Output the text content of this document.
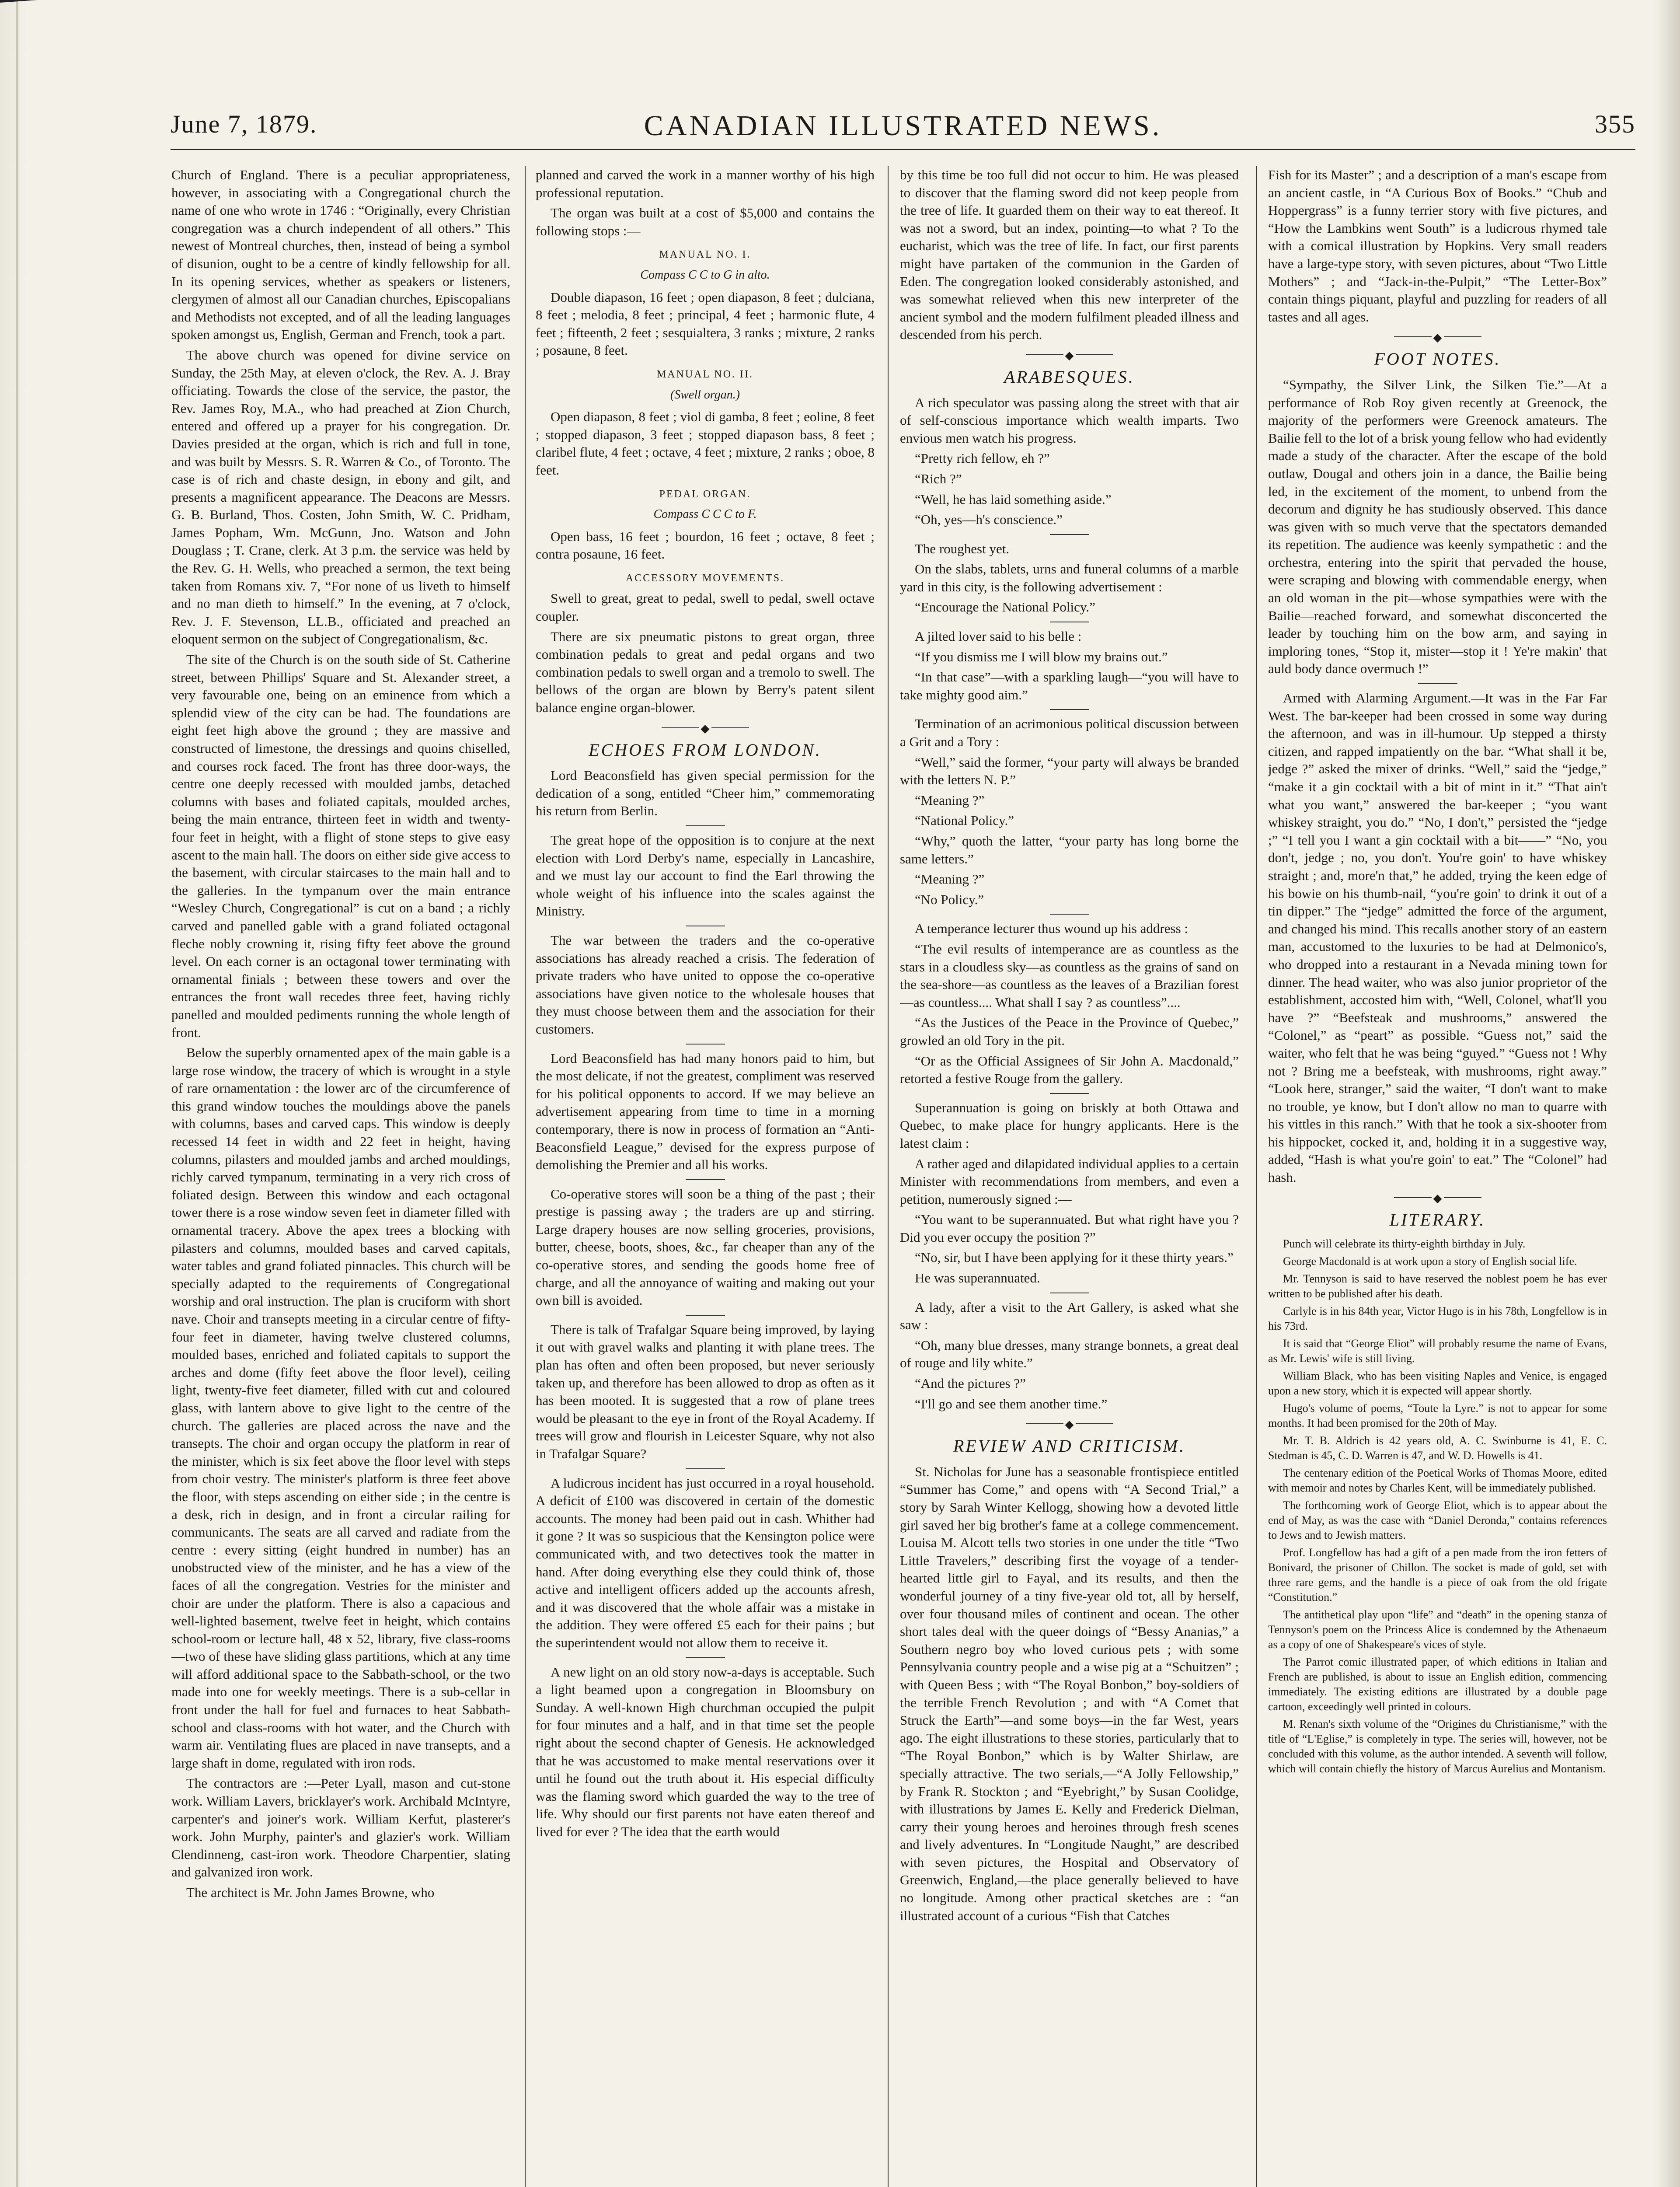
June 7, 1879.	CANADIAN ILLUSTRATED NEWS.	355

Church of England. There is a peculiar appropriateness, however, in associating with a Congregational church the name of one who wrote in 1746 : “Originally, every Christian congregation was a church independent of all others.” This newest of Montreal churches, then, instead of being a symbol of disunion, ought to be a centre of kindly fellowship for all. In its opening services, whether as speakers or listeners, clergymen of almost all our Canadian churches, Episcopalians and Methodists not excepted, and of all the leading languages spoken amongst us, English, German and French, took a part.

The above church was opened for divine service on Sunday, the 25th May, at eleven o'clock, the Rev. A. J. Bray officiating. Towards the close of the service, the pastor, the Rev. James Roy, M.A., who had preached at Zion Church, entered and offered up a prayer for his congregation. Dr. Davies presided at the organ, which is rich and full in tone, and was built by Messrs. S. R. Warren & Co., of Toronto. The case is of rich and chaste design, in ebony and gilt, and presents a magnificent appearance. The Deacons are Messrs. G. B. Burland, Thos. Costen, John Smith, W. C. Pridham, James Popham, Wm. McGunn, Jno. Watson and John Douglass ; T. Crane, clerk. At 3 p.m. the service was held by the Rev. G. H. Wells, who preached a sermon, the text being taken from Romans xiv. 7, “For none of us liveth to himself and no man dieth to himself.” In the evening, at 7 o'clock, Rev. J. F. Stevenson, LL.B., officiated and preached an eloquent sermon on the subject of Congregationalism, &c.

The site of the Church is on the south side of St. Catherine street, between Phillips' Square and St. Alexander street, a very favourable one, being on an eminence from which a splendid view of the city can be had. The foundations are eight feet high above the ground ; they are massive and constructed of limestone, the dressings and quoins chiselled, and courses rock faced. The front has three door-ways, the centre one deeply recessed with moulded jambs, detached columns with bases and foliated capitals, moulded arches, being the main entrance, thirteen feet in width and twenty-four feet in height, with a flight of stone steps to give easy ascent to the main hall. The doors on either side give access to the basement, with circular staircases to the main hall and to the galleries. In the tympanum over the main entrance “Wesley Church, Congregational” is cut on a band ; a richly carved and panelled gable with a grand foliated octagonal fleche nobly crowning it, rising fifty feet above the ground level. On each corner is an octagonal tower terminating with ornamental finials ; between these towers and over the entrances the front wall recedes three feet, having richly panelled and moulded pediments running the whole length of front.

Below the superbly ornamented apex of the main gable is a large rose window, the tracery of which is wrought in a style of rare ornamentation : the lower arc of the circumference of this grand window touches the mouldings above the panels with columns, bases and carved caps. This window is deeply recessed 14 feet in width and 22 feet in height, having columns, pilasters and moulded jambs and arched mouldings, richly carved tympanum, terminating in a very rich cross of foliated design. Between this window and each octagonal tower there is a rose window seven feet in diameter filled with ornamental tracery. Above the apex trees a blocking with pilasters and columns, moulded bases and carved capitals, water tables and grand foliated pinnacles. This church will be specially adapted to the requirements of Congregational worship and oral instruction. The plan is cruciform with short nave. Choir and transepts meeting in a circular centre of fifty-four feet in diameter, having twelve clustered columns, moulded bases, enriched and foliated capitals to support the arches and dome (fifty feet above the floor level), ceiling light, twenty-five feet diameter, filled with cut and coloured glass, with lantern above to give light to the centre of the church. The galleries are placed across the nave and the transepts. The choir and organ occupy the platform in rear of the minister, which is six feet above the floor level with steps from choir vestry. The minister's platform is three feet above the floor, with steps ascending on either side ; in the centre is a desk, rich in design, and in front a circular railing for communicants. The seats are all carved and radiate from the centre : every sitting (eight hundred in number) has an unobstructed view of the minister, and he has a view of the faces of all the congregation. Vestries for the minister and choir are under the platform. There is also a capacious and well-lighted basement, twelve feet in height, which contains school-room or lecture hall, 48 x 52, library, five class-rooms—two of these have sliding glass partitions, which at any time will afford additional space to the Sabbath-school, or the two made into one for weekly meetings. There is a sub-cellar in front under the hall for fuel and furnaces to heat Sabbath-school and class-rooms with hot water, and the Church with warm air. Ventilating flues are placed in nave transepts, and a large shaft in dome, regulated with iron rods.

The contractors are :—Peter Lyall, mason and cut-stone work. William Lavers, bricklayer's work. Archibald McIntyre, carpenter's and joiner's work. William Kerfut, plasterer's work. John Murphy, painter's and glazier's work. William Clendinneng, cast-iron work. Theodore Charpentier, slating and galvanized iron work.

The architect is Mr. John James Browne, who

planned and carved the work in a manner worthy of his high professional reputation.

The organ was built at a cost of $5,000 and contains the following stops :—

MANUAL NO. I.
Compass C C to G in alto.

Double diapason, 16 feet ; open diapason, 8 feet ; dulciana, 8 feet ; melodia, 8 feet ; principal, 4 feet ; harmonic flute, 4 feet ; fifteenth, 2 feet ; sesquialtera, 3 ranks ; mixture, 2 ranks ; posaune, 8 feet.

MANUAL NO. II.
(Swell organ.)

Open diapason, 8 feet ; viol di gamba, 8 feet ; eoline, 8 feet ; stopped diapason, 3 feet ; stopped diapason bass, 8 feet ; claribel flute, 4 feet ; octave, 4 feet ; mixture, 2 ranks ; oboe, 8 feet.

PEDAL ORGAN.
Compass C C C to F.

Open bass, 16 feet ; bourdon, 16 feet ; octave, 8 feet ; contra posaune, 16 feet.

ACCESSORY MOVEMENTS.

Swell to great, great to pedal, swell to pedal, swell octave coupler.

There are six pneumatic pistons to great organ, three combination pedals to great and pedal organs and two combination pedals to swell organ and a tremolo to swell. The bellows of the organ are blown by Berry's patent silent balance engine organ-blower.

◆
ECHOES FROM LONDON.

Lord Beaconsfield has given special permission for the dedication of a song, entitled “Cheer him,” commemorating his return from Berlin.

The great hope of the opposition is to conjure at the next election with Lord Derby's name, especially in Lancashire, and we must lay our account to find the Earl throwing the whole weight of his influence into the scales against the Ministry.

The war between the traders and the co-operative associations has already reached a crisis. The federation of private traders who have united to oppose the co-operative associations have given notice to the wholesale houses that they must choose between them and the association for their customers.

Lord Beaconsfield has had many honors paid to him, but the most delicate, if not the greatest, compliment was reserved for his political opponents to accord. If we may believe an advertisement appearing from time to time in a morning contemporary, there is now in process of formation an “Anti-Beaconsfield League,” devised for the express purpose of demolishing the Premier and all his works.

Co-operative stores will soon be a thing of the past ; their prestige is passing away ; the traders are up and stirring. Large drapery houses are now selling groceries, provisions, butter, cheese, boots, shoes, &c., far cheaper than any of the co-operative stores, and sending the goods home free of charge, and all the annoyance of waiting and making out your own bill is avoided.

There is talk of Trafalgar Square being improved, by laying it out with gravel walks and planting it with plane trees. The plan has often and often been proposed, but never seriously taken up, and therefore has been allowed to drop as often as it has been mooted. It is suggested that a row of plane trees would be pleasant to the eye in front of the Royal Academy. If trees will grow and flourish in Leicester Square, why not also in Trafalgar Square?

A ludicrous incident has just occurred in a royal household. A deficit of £100 was discovered in certain of the domestic accounts. The money had been paid out in cash. Whither had it gone ? It was so suspicious that the Kensington police were communicated with, and two detectives took the matter in hand. After doing everything else they could think of, those active and intelligent officers added up the accounts afresh, and it was discovered that the whole affair was a mistake in the addition. They were offered £5 each for their pains ; but the superintendent would not allow them to receive it.

A new light on an old story now-a-days is acceptable. Such a light beamed upon a congregation in Bloomsbury on Sunday. A well-known High churchman occupied the pulpit for four minutes and a half, and in that time set the people right about the second chapter of Genesis. He acknowledged that he was accustomed to make mental reservations over it until he found out the truth about it. His especial difficulty was the flaming sword which guarded the way to the tree of life. Why should our first parents not have eaten thereof and lived for ever ? The idea that the earth would

by this time be too full did not occur to him. He was pleased to discover that the flaming sword did not keep people from the tree of life. It guarded them on their way to eat thereof. It was not a sword, but an index, pointing—to what ? To the eucharist, which was the tree of life. In fact, our first parents might have partaken of the communion in the Garden of Eden. The congregation looked considerably astonished, and was somewhat relieved when this new interpreter of the ancient symbol and the modern fulfilment pleaded illness and descended from his perch.

◆
ARABESQUES.

A rich speculator was passing along the street with that air of self-conscious importance which wealth imparts. Two envious men watch his progress.

“Pretty rich fellow, eh ?”

“Rich ?”

“Well, he has laid something aside.”

“Oh, yes—h's conscience.”

The roughest yet.

On the slabs, tablets, urns and funeral columns of a marble yard in this city, is the following advertisement :

“Encourage the National Policy.”

A jilted lover said to his belle :

“If you dismiss me I will blow my brains out.”

“In that case”—with a sparkling laugh—“you will have to take mighty good aim.”

Termination of an acrimonious political discussion between a Grit and a Tory :

“Well,” said the former, “your party will always be branded with the letters N. P.”

“Meaning ?”

“National Policy.”

“Why,” quoth the latter, “your party has long borne the same letters.”

“Meaning ?”

“No Policy.”

A temperance lecturer thus wound up his address :

“The evil results of intemperance are as countless as the stars in a cloudless sky—as countless as the grains of sand on the sea-shore—as countless as the leaves of a Brazilian forest—as countless.... What shall I say ? as countless”....

“As the Justices of the Peace in the Province of Quebec,” growled an old Tory in the pit.

“Or as the Official Assignees of Sir John A. Macdonald,” retorted a festive Rouge from the gallery.

Superannuation is going on briskly at both Ottawa and Quebec, to make place for hungry applicants. Here is the latest claim :

A rather aged and dilapidated individual applies to a certain Minister with recommendations from members, and even a petition, numerously signed :—

“You want to be superannuated. But what right have you ? Did you ever occupy the position ?”

“No, sir, but I have been applying for it these thirty years.”

He was superannuated.

A lady, after a visit to the Art Gallery, is asked what she saw :

“Oh, many blue dresses, many strange bonnets, a great deal of rouge and lily white.”

“And the pictures ?”

“I'll go and see them another time.”

◆
REVIEW AND CRITICISM.

St. Nicholas for June has a seasonable frontispiece entitled “Summer has Come,” and opens with “A Second Trial,” a story by Sarah Winter Kellogg, showing how a devoted little girl saved her big brother's fame at a college commencement. Louisa M. Alcott tells two stories in one under the title “Two Little Travelers,” describing first the voyage of a tender-hearted little girl to Fayal, and its results, and then the wonderful journey of a tiny five-year old tot, all by herself, over four thousand miles of continent and ocean. The other short tales deal with the queer doings of “Bessy Ananias,” a Southern negro boy who loved curious pets ; with some Pennsylvania country people and a wise pig at a “Schuitzen” ; with Queen Bess ; with “The Royal Bonbon,” boy-soldiers of the terrible French Revolution ; and with “A Comet that Struck the Earth”—and some boys—in the far West, years ago. The eight illustrations to these stories, particularly that to “The Royal Bonbon,” which is by Walter Shirlaw, are specially attractive. The two serials,—“A Jolly Fellowship,” by Frank R. Stockton ; and “Eyebright,” by Susan Coolidge, with illustrations by James E. Kelly and Frederick Dielman, carry their young heroes and heroines through fresh scenes and lively adventures. In “Longitude Naught,” are described with seven pictures, the Hospital and Observatory of Greenwich, England,—the place generally believed to have no longitude. Among other practical sketches are : “an illustrated account of a curious “Fish that Catches

Fish for its Master” ; and a description of a man's escape from an ancient castle, in “A Curious Box of Books.” “Chub and Hoppergrass” is a funny terrier story with five pictures, and “How the Lambkins went South” is a ludicrous rhymed tale with a comical illustration by Hopkins. Very small readers have a large-type story, with seven pictures, about “Two Little Mothers” ; and “Jack-in-the-Pulpit,” “The Letter-Box” contain things piquant, playful and puzzling for readers of all tastes and all ages.

◆
FOOT NOTES.

“Sympathy, the Silver Link, the Silken Tie.”—At a performance of Rob Roy given recently at Greenock, the majority of the performers were Greenock amateurs. The Bailie fell to the lot of a brisk young fellow who had evidently made a study of the character. After the escape of the bold outlaw, Dougal and others join in a dance, the Bailie being led, in the excitement of the moment, to unbend from the decorum and dignity he has studiously observed. This dance was given with so much verve that the spectators demanded its repetition. The audience was keenly sympathetic : and the orchestra, entering into the spirit that pervaded the house, were scraping and blowing with commendable energy, when an old woman in the pit—whose sympathies were with the Bailie—reached forward, and somewhat disconcerted the leader by touching him on the bow arm, and saying in imploring tones, “Stop it, mister—stop it ! Ye're makin' that auld body dance overmuch !”

Armed with Alarming Argument.—It was in the Far Far West. The bar-keeper had been crossed in some way during the afternoon, and was in ill-humour. Up stepped a thirsty citizen, and rapped impatiently on the bar. “What shall it be, jedge ?” asked the mixer of drinks. “Well,” said the “jedge,” “make it a gin cocktail with a bit of mint in it.” “That ain't what you want,” answered the bar-keeper ; “you want whiskey straight, you do.” “No, I don't,” persisted the “jedge ;” “I tell you I want a gin cocktail with a bit——” “No, you don't, jedge ; no, you don't. You're goin' to have whiskey straight ; and, more'n that,” he added, trying the keen edge of his bowie on his thumb-nail, “you're goin' to drink it out of a tin dipper.” The “jedge” admitted the force of the argument, and changed his mind. This recalls another story of an eastern man, accustomed to the luxuries to be had at Delmonico's, who dropped into a restaurant in a Nevada mining town for dinner. The head waiter, who was also junior proprietor of the establishment, accosted him with, “Well, Colonel, what'll you have ?” “Beefsteak and mushrooms,” answered the “Colonel,” as “peart” as possible. “Guess not,” said the waiter, who felt that he was being “guyed.” “Guess not ! Why not ? Bring me a beefsteak, with mushrooms, right away.” “Look here, stranger,” said the waiter, “I don't want to make no trouble, ye know, but I don't allow no man to quarre with his vittles in this ranch.” With that he took a six-shooter from his hippocket, cocked it, and, holding it in a suggestive way, added, “Hash is what you're goin' to eat.” The “Colonel” had hash.

◆
LITERARY.

Punch will celebrate its thirty-eighth birthday in July.

George Macdonald is at work upon a story of English social life.

Mr. Tennyson is said to have reserved the noblest poem he has ever written to be published after his death.

Carlyle is in his 84th year, Victor Hugo is in his 78th, Longfellow is in his 73rd.

It is said that “George Eliot” will probably resume the name of Evans, as Mr. Lewis' wife is still living.

William Black, who has been visiting Naples and Venice, is engaged upon a new story, which it is expected will appear shortly.

Hugo's volume of poems, “Toute la Lyre.” is not to appear for some months. It had been promised for the 20th of May.

Mr. T. B. Aldrich is 42 years old, A. C. Swinburne is 41, E. C. Stedman is 45, C. D. Warren is 47, and W. D. Howells is 41.

The centenary edition of the Poetical Works of Thomas Moore, edited with memoir and notes by Charles Kent, will be immediately published.

The forthcoming work of George Eliot, which is to appear about the end of May, as was the case with “Daniel Deronda,” contains references to Jews and to Jewish matters.

Prof. Longfellow has had a gift of a pen made from the iron fetters of Bonivard, the prisoner of Chillon. The socket is made of gold, set with three rare gems, and the handle is a piece of oak from the old frigate “Constitution.”

The antithetical play upon “life” and “death” in the opening stanza of Tennyson's poem on the Princess Alice is condemned by the Athenaeum as a copy of one of Shakespeare's vices of style.

The Parrot comic illustrated paper, of which editions in Italian and French are published, is about to issue an English edition, commencing immediately. The existing editions are illustrated by a double page cartoon, exceedingly well printed in colours.

M. Renan's sixth volume of the “Origines du Christianisme,” with the title of “L'Eglise,” is completely in type. The series will, however, not be concluded with this volume, as the author intended. A seventh will follow, which will contain chiefly the history of Marcus Aurelius and Montanism.
